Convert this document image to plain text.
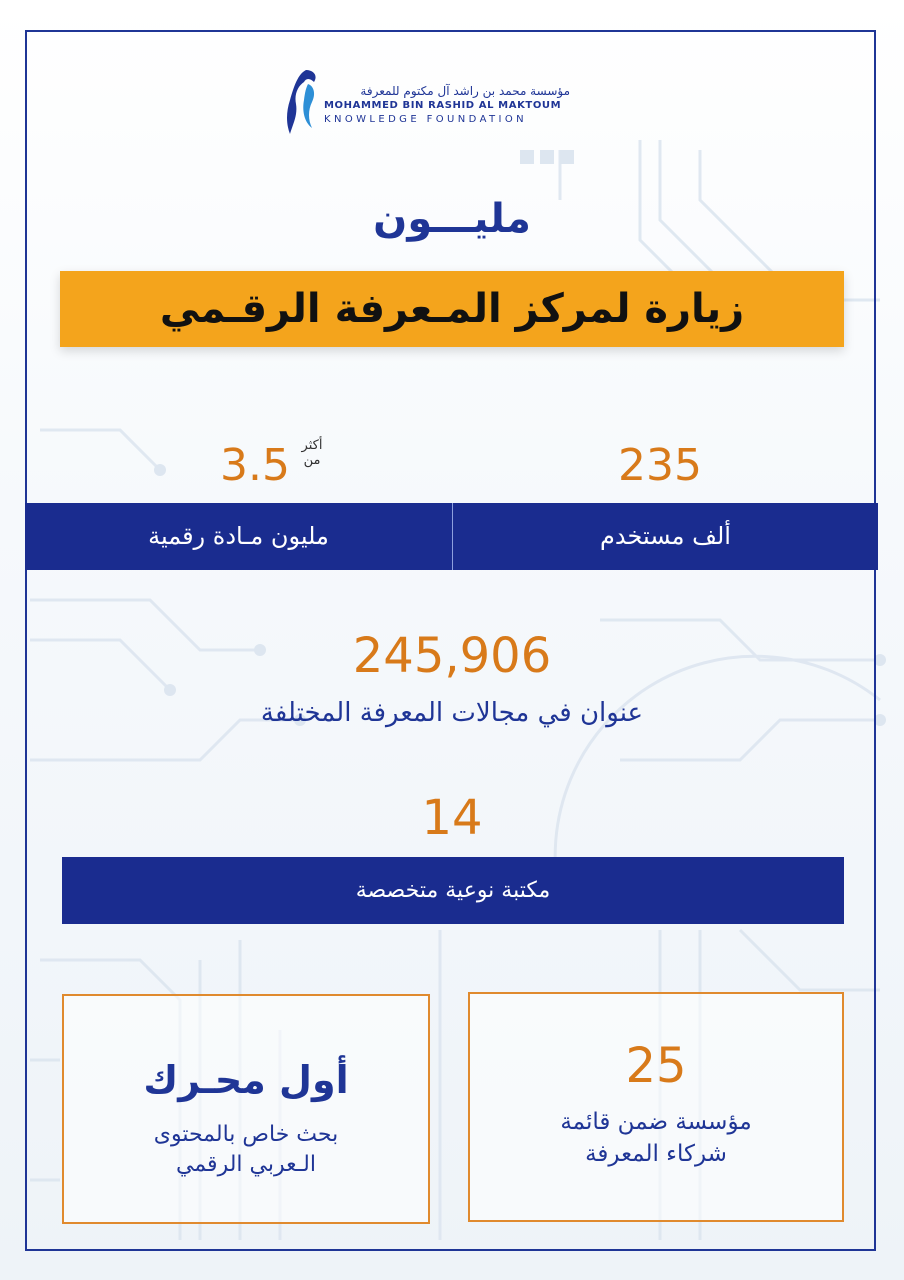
مؤسسة محمد بن راشد آل مكتوم للمعرفة
MOHAMMED BIN RASHID AL MAKTOUM
KNOWLEDGE FOUNDATION
مليـــون
زيارة لمركز المـعرفة الرقـمي
235
3.5 أكثر
من
ألف مستخدم
مليون مـادة رقمية
245,906
عنوان في مجالات المعرفة المختلفة
14
مكتبة نوعية متخصصة
أول محـرك
بحث خاص بالمحتوى
الـعربي الرقمي
25
مؤسسة ضمن قائمة
شركاء المعرفة
